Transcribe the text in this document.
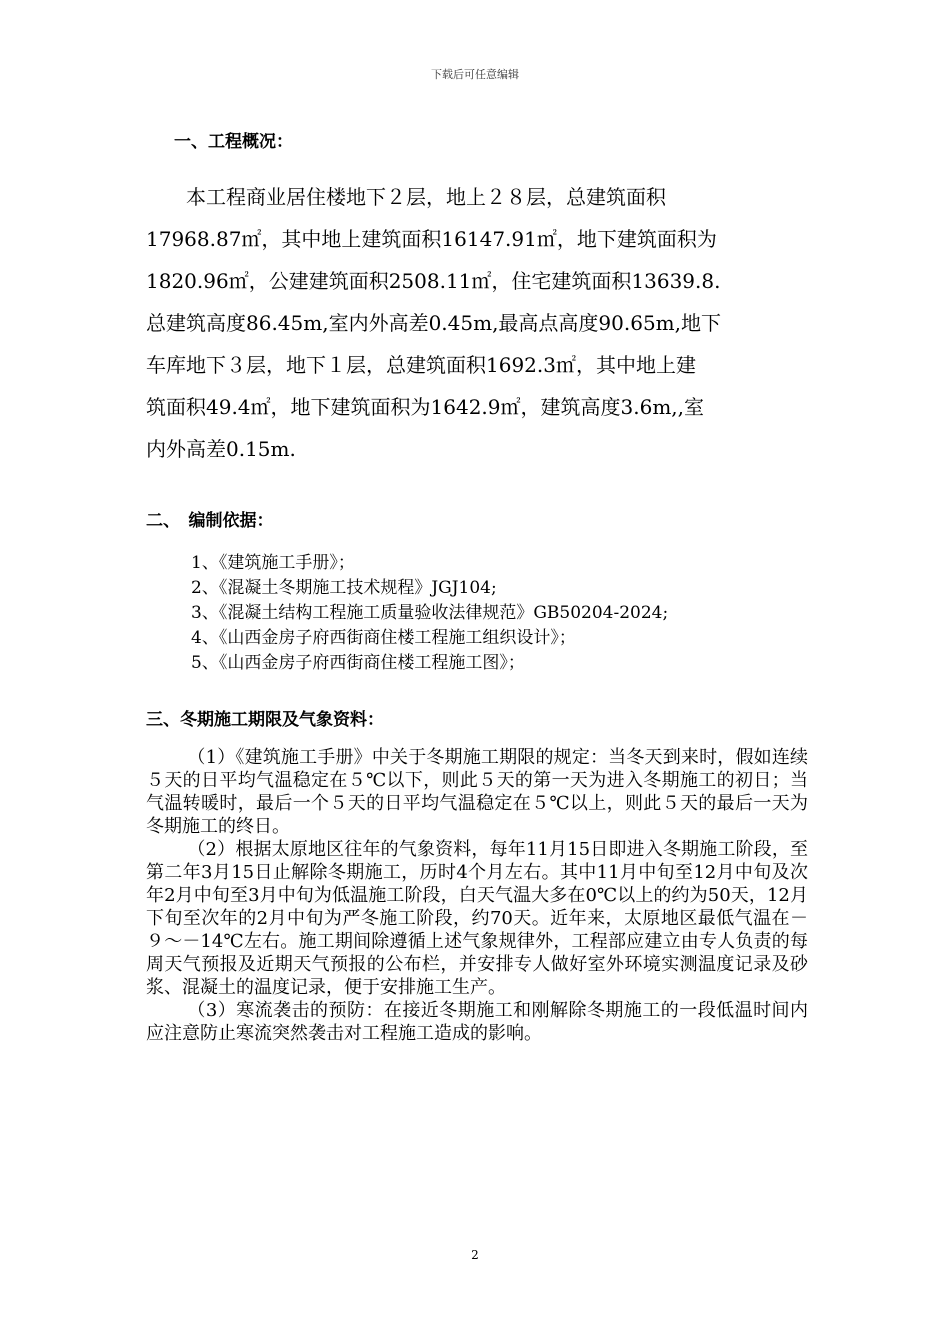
下载后可任意编辑
一、工程概况：

　　本工程商业居住楼地下２层，地上２８层，总建筑面积

17968.87㎡，其中地上建筑面积16147.91㎡，地下建筑面积为

1820.96㎡，公建建筑面积2508.11㎡，住宅建筑面积13639.8.

总建筑高度86.45m,室内外高差0.45m,最高点高度90.65m,地下

车库地下３层，地下１层，总建筑面积1692.3㎡，其中地上建

筑面积49.4㎡，地下建筑面积为1642.9㎡，建筑高度3.6m,,室

内外高差0.15m.

二、　编制依据：
1、《建筑施工手册》；
2、《混凝土冬期施工技术规程》JGJ104;
3、《混凝土结构工程施工质量验收法律规范》GB50204-2024;
4、《山西金房子府西街商住楼工程施工组织设计》；
5、《山西金房子府西街商住楼工程施工图》；
三、冬期施工期限及气象资料：

（1）《建筑施工手册》中关于冬期施工期限的规定：当冬天到来时，假如连续５天的日平均气温稳定在５℃以下，则此５天的第一天为进入冬期施工的初日；当气温转暖时，最后一个５天的日平均气温稳定在５℃以上，则此５天的最后一天为冬期施工的终日。

（2）根据太原地区往年的气象资料，每年11月15日即进入冬期施工阶段，至第二年3月15日止解除冬期施工，历时4个月左右。其中11月中旬至12月中旬及次年2月中旬至3月中旬为低温施工阶段，白天气温大多在0℃以上的约为50天，12月下旬至次年的2月中旬为严冬施工阶段，约70天。近年来，太原地区最低气温在－９～－14℃左右。施工期间除遵循上述气象规律外，工程部应建立由专人负责的每周天气预报及近期天气预报的公布栏，并安排专人做好室外环境实测温度记录及砂浆、混凝土的温度记录，便于安排施工生产。

（3）寒流袭击的预防：在接近冬期施工和刚解除冬期施工的一段低温时间内应注意防止寒流突然袭击对工程施工造成的影响。

2
